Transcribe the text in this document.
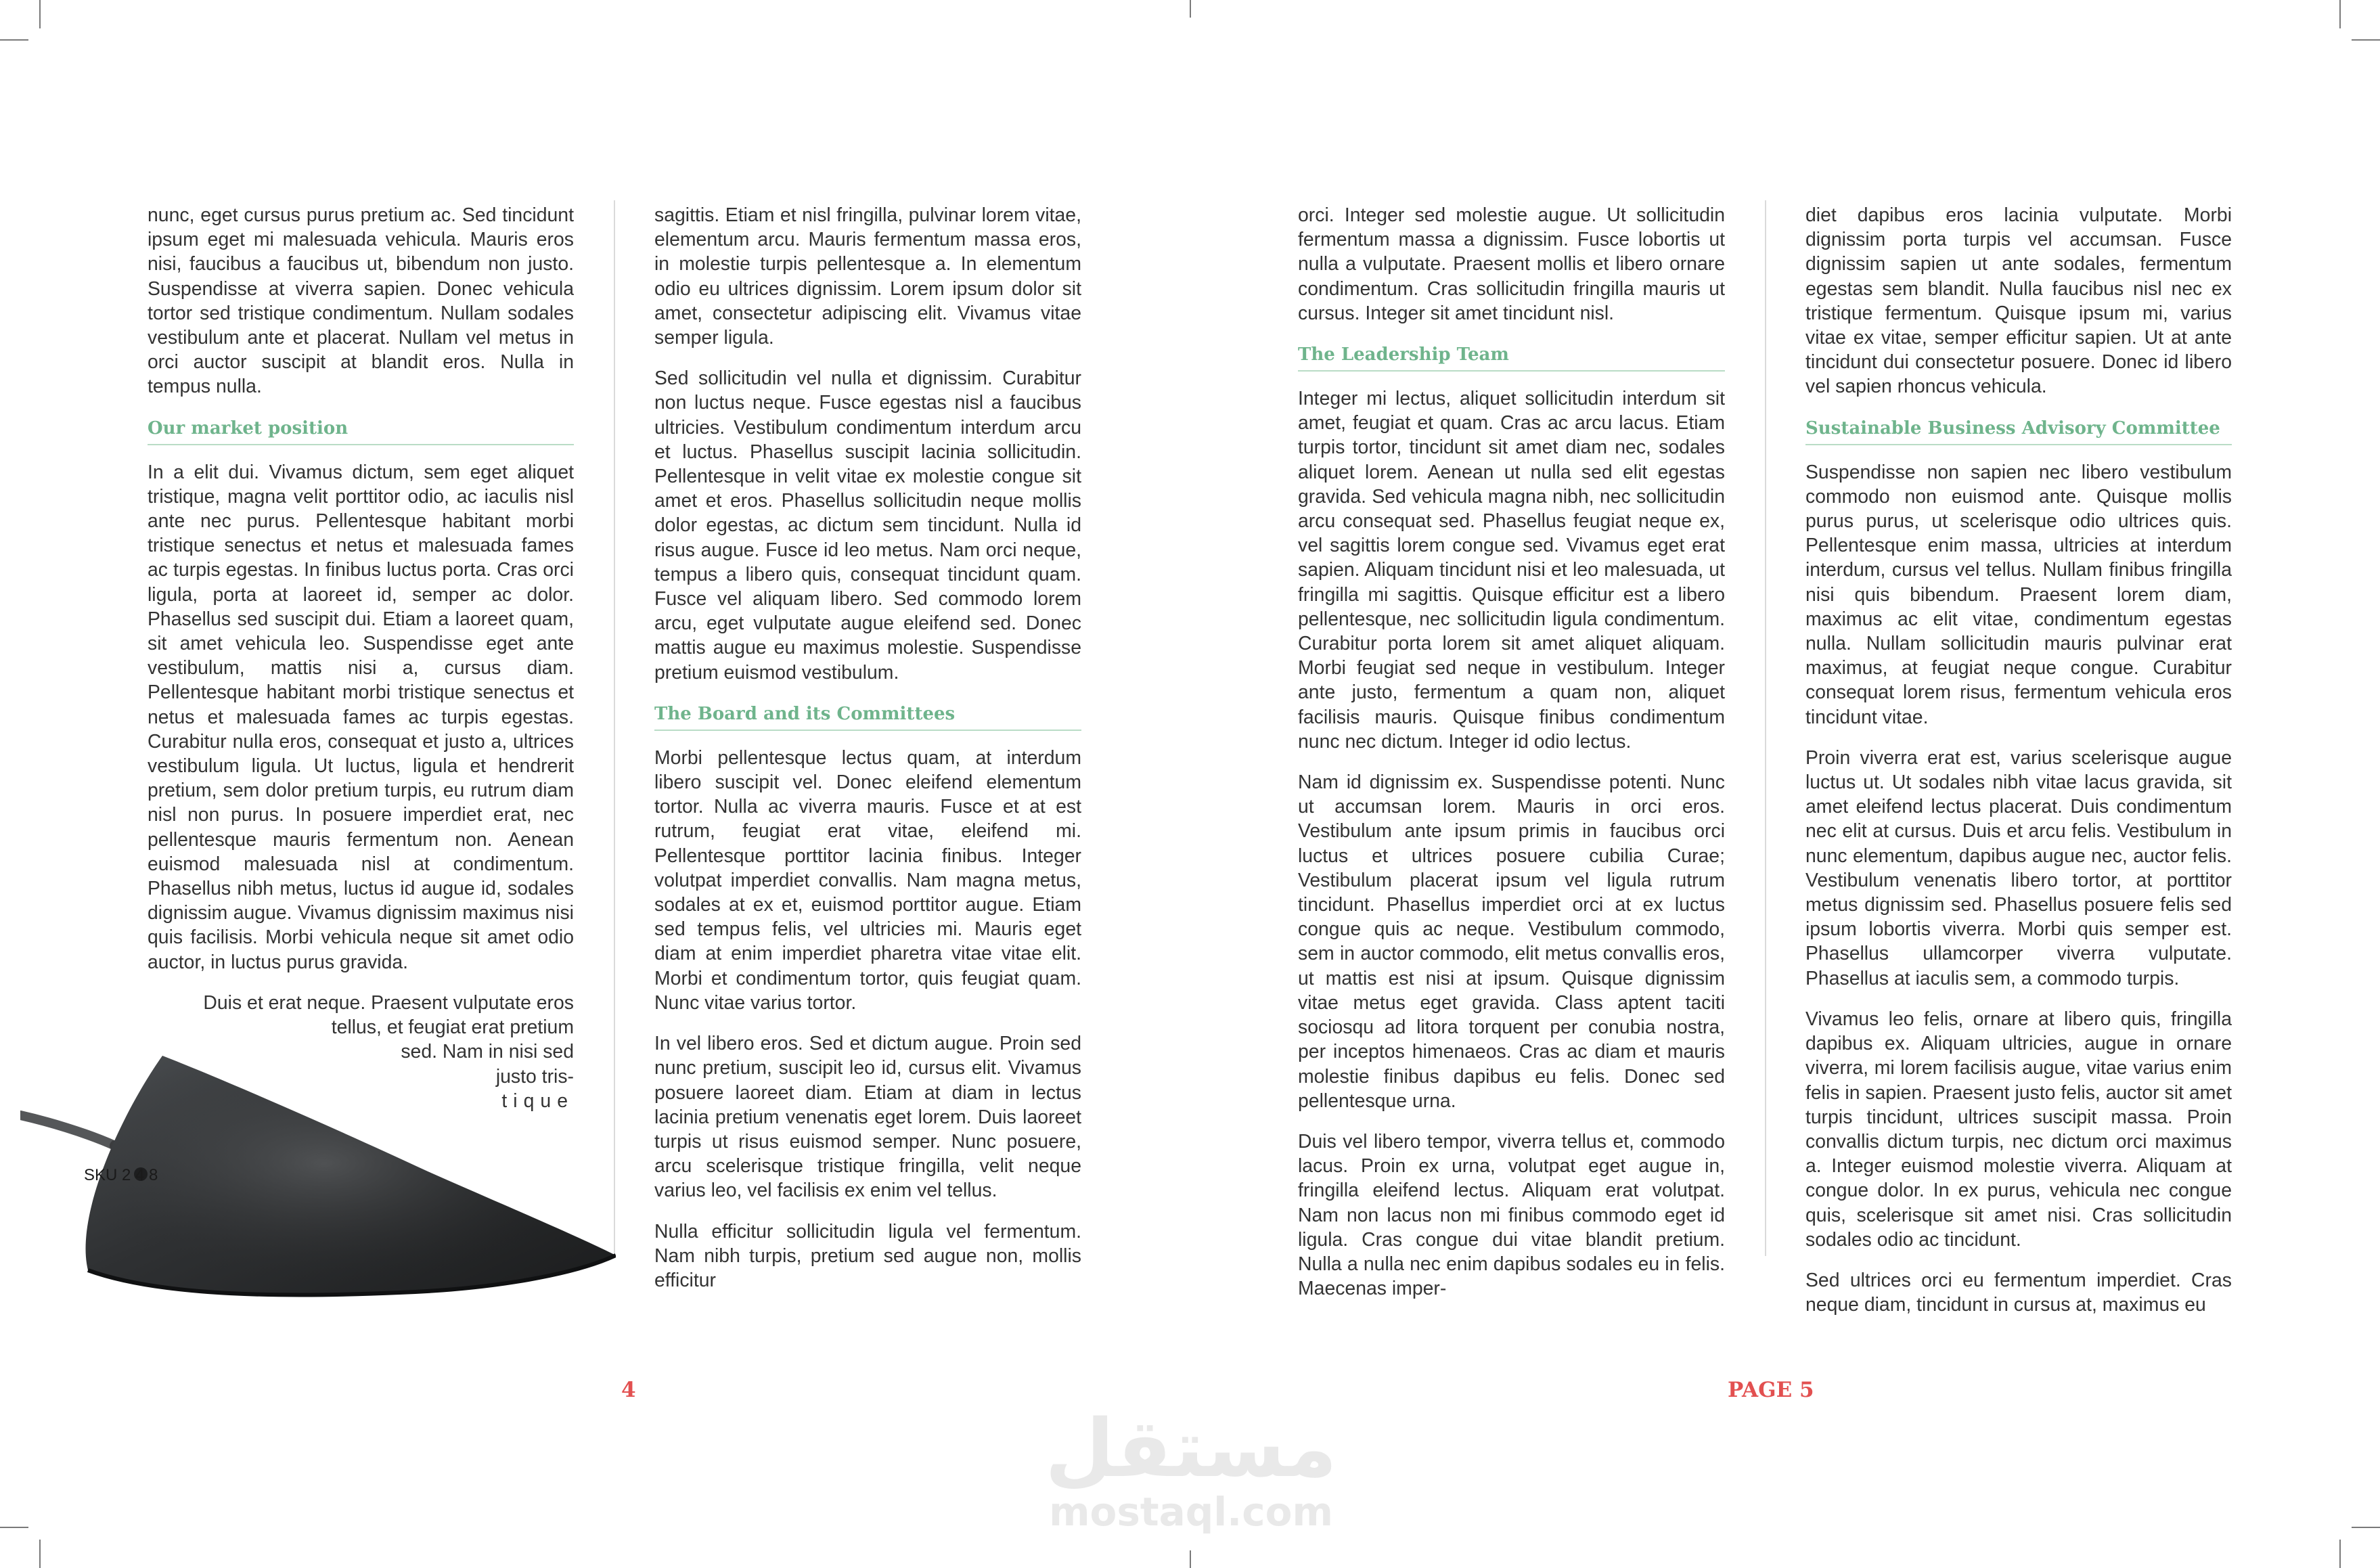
nunc, eget cursus purus pretium ac. Sed tincidunt ipsum eget mi malesuada vehicula. Mauris eros nisi, faucibus a faucibus ut, bibendum non justo. Suspendisse at viverra sapien. Donec vehicula tortor sed tristique condimentum. Nullam sodales vestibulum ante et placerat. Nullam vel metus in orci auctor suscipit at blandit eros. Nulla in tempus nulla.

Our market position

In a elit dui. Vivamus dictum, sem eget aliquet tristique, magna velit porttitor odio, ac iaculis nisl ante nec purus. Pellentesque habitant morbi tristique senectus et netus et malesuada fames ac turpis egestas. In finibus luctus porta. Cras orci ligula, porta at laoreet id, semper ac dolor. Phasellus sed suscipit dui. Etiam a laoreet quam, sit amet vehicula leo. Suspendisse eget ante vestibulum, mattis nisi a, cursus diam. Pellentesque habitant morbi tristique senectus et netus et malesuada fames ac turpis egestas. Curabitur nulla eros, consequat et justo a, ultrices vestibulum ligula. Ut luctus, ligula et hendrerit pretium, sem dolor pretium turpis, eu rutrum diam nisl non purus. In posuere imperdiet erat, nec pellentesque mauris fermentum non. Aenean euismod malesuada nisl at condimentum. Phasellus nibh metus, luctus id augue id, sodales dignissim augue. Vivamus dignissim maximus nisi quis facilisis. Morbi vehicula neque sit amet odio auctor, in luctus purus gravida.

Duis et erat neque. Praesent vulputate eros
tellus, et feugiat erat pretium
sed. Nam in nisi sed
justo tris-
tique
SKU 2 4 8

sagittis. Etiam et nisl fringilla, pulvinar lorem vitae, elementum arcu. Mauris fermentum massa eros, in molestie turpis pellentesque a. In elementum odio eu ultrices dignissim. Lorem ipsum dolor sit amet, consectetur adipiscing elit. Vivamus vitae semper ligula.

Sed sollicitudin vel nulla et dignissim. Curabitur non luctus neque. Fusce egestas nisl a faucibus ultricies. Vestibulum condimentum interdum arcu et luctus. Phasellus suscipit lacinia sollicitudin. Pellentesque in velit vitae ex molestie congue sit amet et eros. Phasellus sollicitudin neque mollis dolor egestas, ac dictum sem tincidunt. Nulla id risus augue. Fusce id leo metus. Nam orci neque, tempus a libero quis, consequat tincidunt quam. Fusce vel aliquam libero. Sed commodo lorem arcu, eget vulputate augue eleifend sed. Donec mattis augue eu maximus molestie. Suspendisse pretium euismod vestibulum.

The Board and its Committees

Morbi pellentesque lectus quam, at interdum libero suscipit vel. Donec eleifend elementum tortor. Nulla ac viverra mauris. Fusce et at est rutrum, feugiat erat vitae, eleifend mi. Pellentesque porttitor lacinia finibus. Integer volutpat imperdiet convallis. Nam magna metus, sodales at ex et, euismod porttitor augue. Etiam sed tempus felis, vel ultricies mi. Mauris eget diam at enim imperdiet pharetra vitae vitae elit. Morbi et condimentum tortor, quis feugiat quam. Nunc vitae varius tortor.

In vel libero eros. Sed et dictum augue. Proin sed nunc pretium, suscipit leo id, cursus elit. Vivamus posuere laoreet diam. Etiam at diam in lectus lacinia pretium venenatis eget lorem. Duis laoreet turpis ut risus euismod semper. Nunc posuere, arcu scelerisque tristique fringilla, velit neque varius leo, vel facilisis ex enim vel tellus.

Nulla efficitur sollicitudin ligula vel fermentum. Nam nibh turpis, pretium sed augue non, mollis efficitur

orci. Integer sed molestie augue. Ut sollicitudin fermentum massa a dignissim. Fusce lobortis ut nulla a vulputate. Praesent mollis et libero ornare condimentum. Cras sollicitudin fringilla mauris ut cursus. Integer sit amet tincidunt nisl.

The Leadership Team

Integer mi lectus, aliquet sollicitudin interdum sit amet, feugiat et quam. Cras ac arcu lacus. Etiam turpis tortor, tincidunt sit amet diam nec, sodales aliquet lorem. Aenean ut nulla sed elit egestas gravida. Sed vehicula magna nibh, nec sollicitudin arcu consequat sed. Phasellus feugiat neque ex, vel sagittis lorem congue sed. Vivamus eget erat sapien. Aliquam tincidunt nisi et leo malesuada, ut fringilla mi sagittis. Quisque efficitur est a libero pellentesque, nec sollicitudin ligula condimentum. Curabitur porta lorem sit amet aliquet aliquam. Morbi feugiat sed neque in vestibulum. Integer ante justo, fermentum a quam non, aliquet facilisis mauris. Quisque finibus condimentum nunc nec dictum. Integer id odio lectus.

Nam id dignissim ex. Suspendisse potenti. Nunc ut accumsan lorem. Mauris in orci eros. Vestibulum ante ipsum primis in faucibus orci luctus et ultrices posuere cubilia Curae; Vestibulum placerat ipsum vel ligula rutrum tincidunt. Phasellus imperdiet orci at ex luctus congue quis ac neque. Vestibulum commodo, sem in auctor commodo, elit metus convallis eros, ut mattis est nisi at ipsum. Quisque dignissim vitae metus eget gravida. Class aptent taciti sociosqu ad litora torquent per conubia nostra, per inceptos himenaeos. Cras ac diam et mauris molestie finibus dapibus eu felis. Donec sed pellentesque urna.

Duis vel libero tempor, viverra tellus et, commodo lacus. Proin ex urna, volutpat eget augue in, fringilla eleifend lectus. Aliquam erat volutpat. Nam non lacus non mi finibus commodo eget id ligula. Cras congue dui vitae blandit pretium. Nulla a nulla nec enim dapibus sodales eu in felis. Maecenas imper-

diet dapibus eros lacinia vulputate. Morbi dignissim porta turpis vel accumsan. Fusce dignissim sapien ut ante sodales, fermentum egestas sem blandit. Nulla faucibus nisl nec ex tristique fermentum. Quisque ipsum mi, varius vitae ex vitae, semper efficitur sapien. Ut at ante tincidunt dui consectetur posuere. Donec id libero vel sapien rhoncus vehicula.

Sustainable Business Advisory Committee

Suspendisse non sapien nec libero vestibulum commodo non euismod ante. Quisque mollis purus purus, ut scelerisque odio ultrices quis. Pellentesque enim massa, ultricies at interdum interdum, cursus vel tellus. Nullam finibus fringilla nisi quis bibendum. Praesent lorem diam, maximus ac elit vitae, condimentum egestas nulla. Nullam sollicitudin mauris pulvinar erat maximus, at feugiat neque congue. Curabitur consequat lorem risus, fermentum vehicula eros tincidunt vitae.

Proin viverra erat est, varius scelerisque augue luctus ut. Ut sodales nibh vitae lacus gravida, sit amet eleifend lectus placerat. Duis condimentum nec elit at cursus. Duis et arcu felis. Vestibulum in nunc elementum, dapibus augue nec, auctor felis. Vestibulum venenatis libero tortor, at porttitor metus dignissim sed. Phasellus posuere felis sed ipsum lobortis viverra. Morbi quis semper est. Phasellus ullamcorper viverra vulputate. Phasellus at iaculis sem, a commodo turpis.

Vivamus leo felis, ornare at libero quis, fringilla dapibus ex. Aliquam ultricies, augue in ornare viverra, mi lorem facilisis augue, vitae varius enim felis in sapien. Praesent justo felis, auctor sit amet turpis tincidunt, ultrices suscipit massa. Proin convallis dictum turpis, nec dictum orci maximus a. Integer euismod molestie viverra. Aliquam at congue dolor. In ex purus, vehicula nec congue quis, scelerisque sit amet nisi. Cras sollicitudin sodales odio ac tincidunt.

Sed ultrices orci eu fermentum imperdiet. Cras neque diam, tincidunt in cursus at, maximus eu

4	PAGE 5
مستقل
mostaql.com
